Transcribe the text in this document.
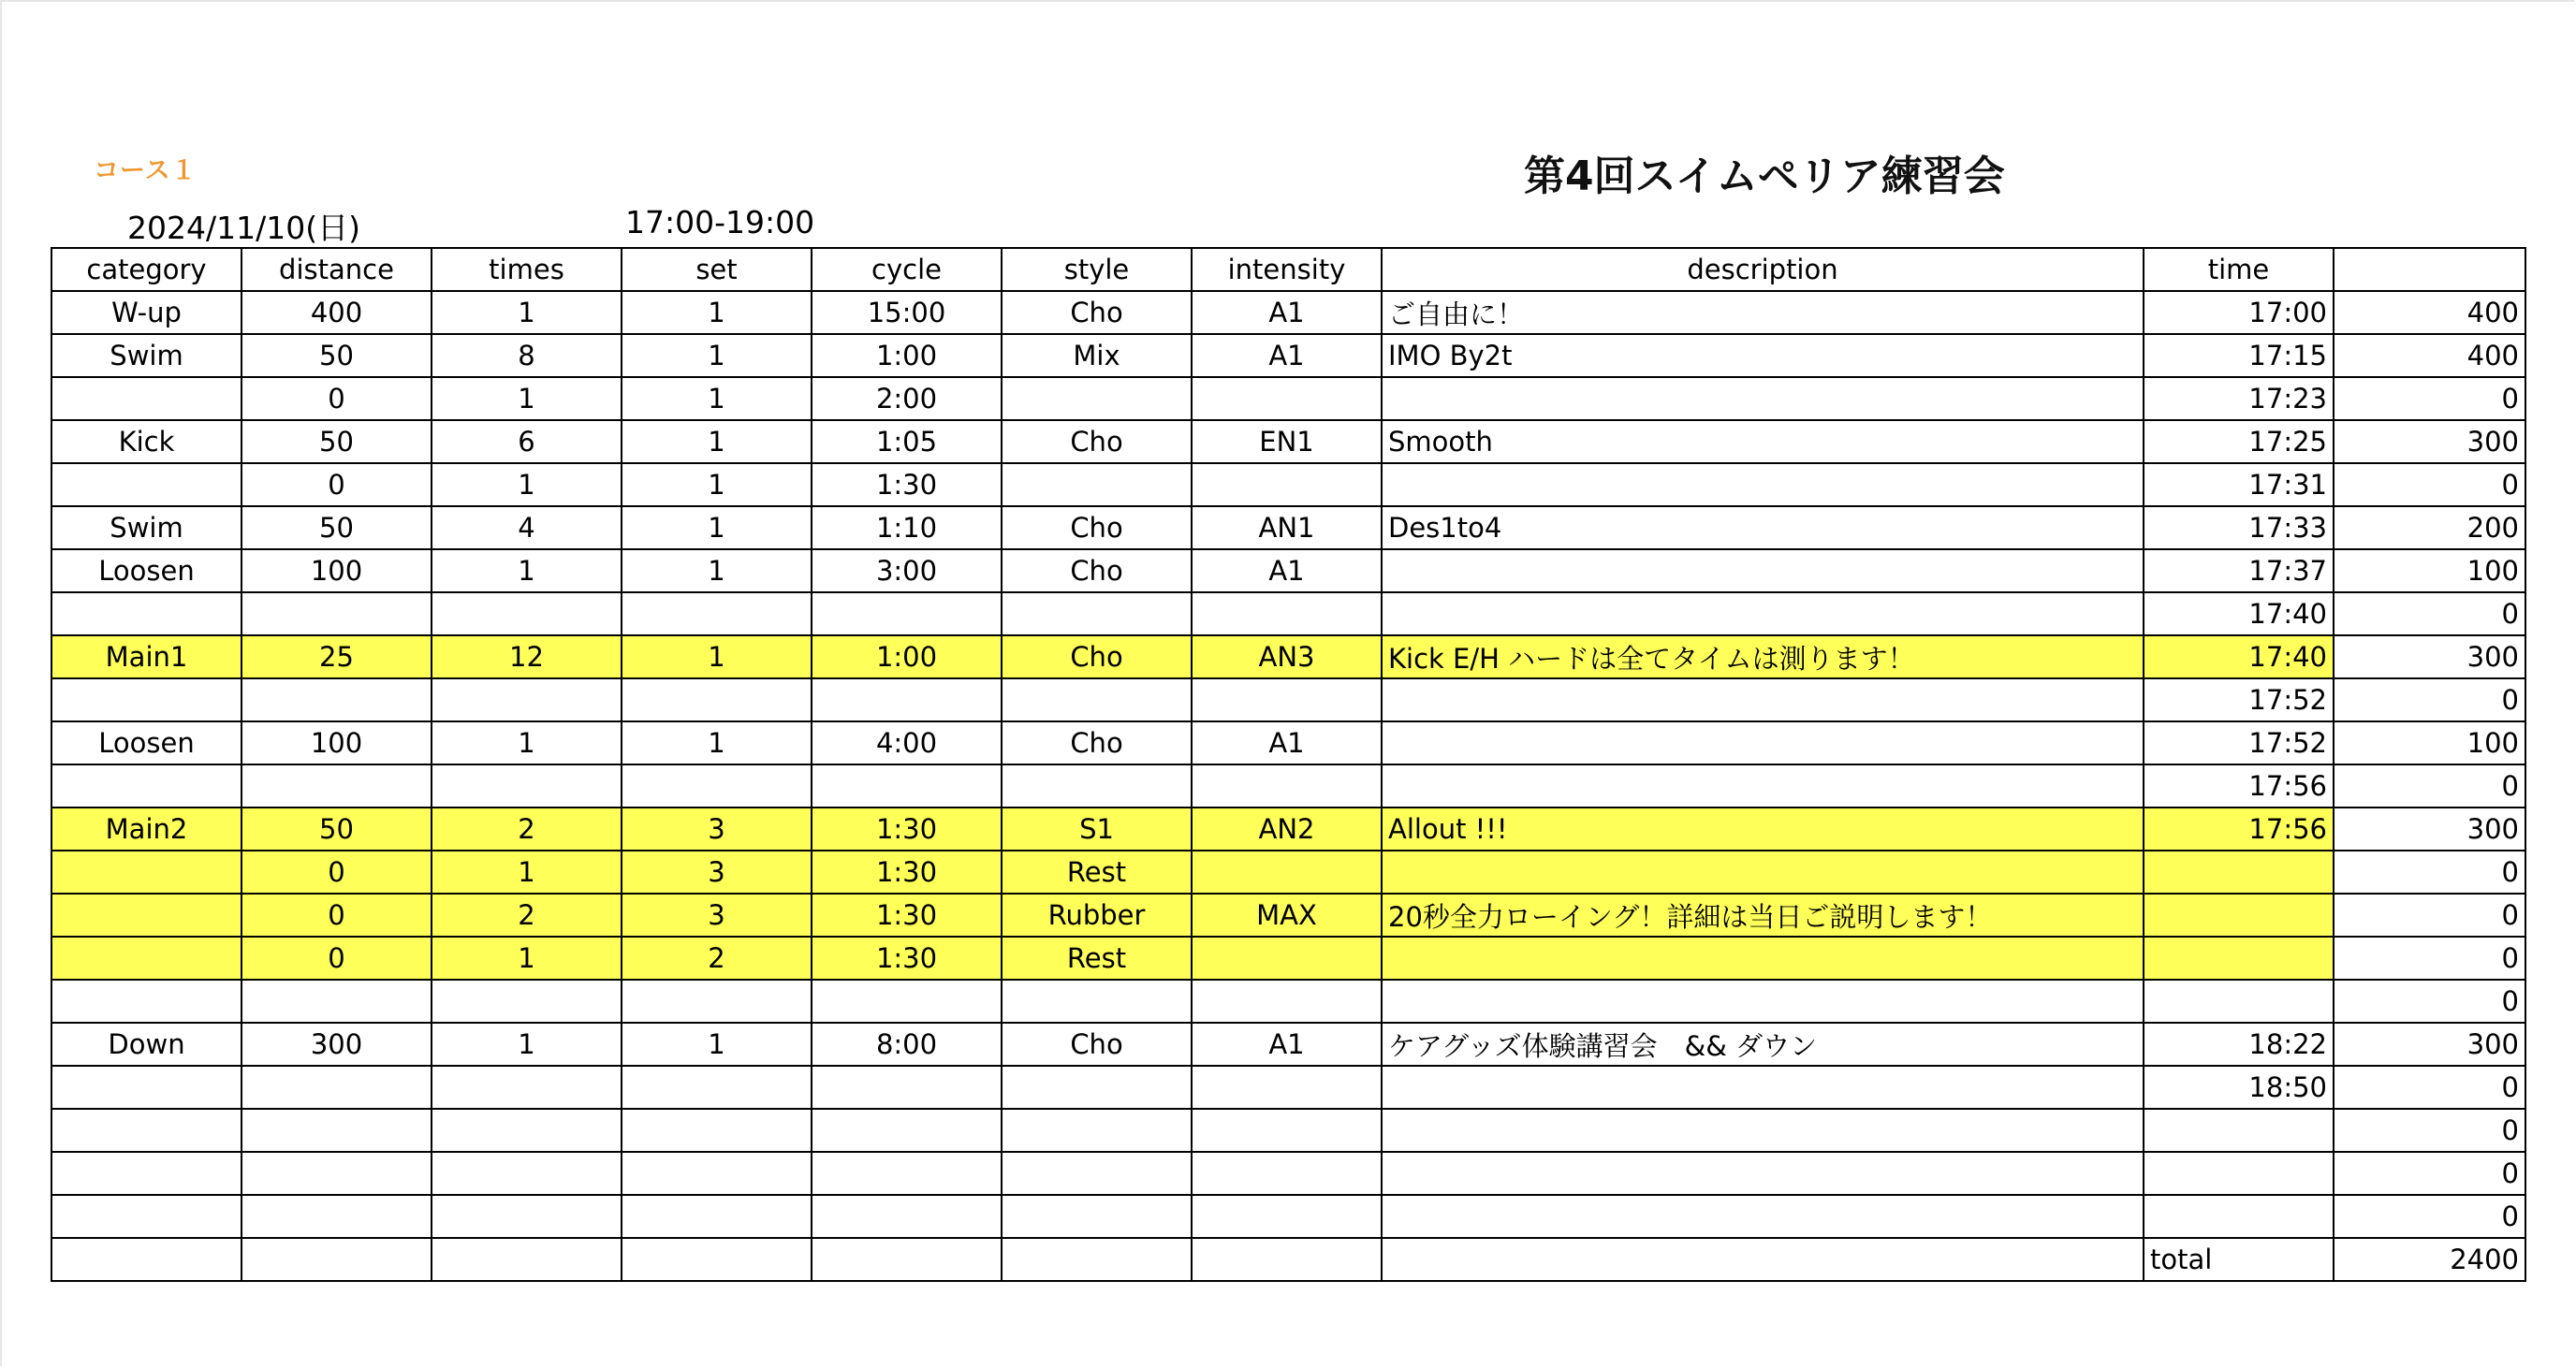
コース１	第4回スイムペリア練習会
2024/11/10(日)	17:00-19:00
category	distance	times	set	cycle	style	intensity	description	time	
W-up	400	1	1	15:00	Cho	A1	ご自由に！	17:00	400
Swim	50	8	1	1:00	Mix	A1	IMO By2t	17:15	400
	0	1	1	2:00				17:23	0
Kick	50	6	1	1:05	Cho	EN1	Smooth	17:25	300
	0	1	1	1:30				17:31	0
Swim	50	4	1	1:10	Cho	AN1	Des1to4	17:33	200
Loosen	100	1	1	3:00	Cho	A1		17:37	100
								17:40	0
Main1	25	12	1	1:00	Cho	AN3	Kick E/H ハードは全てタイムは測ります！	17:40	300
								17:52	0
Loosen	100	1	1	4:00	Cho	A1		17:52	100
								17:56	0
Main2	50	2	3	1:30	S1	AN2	Allout !!!	17:56	300
	0	1	3	1:30	Rest				0
	0	2	3	1:30	Rubber	MAX	20秒全力ローイング！詳細は当日ご説明します！		0
	0	1	2	1:30	Rest				0
									0
Down	300	1	1	8:00	Cho	A1	ケアグッズ体験講習会　&& ダウン	18:22	300
								18:50	0
									0
									0
									0
								total	2400
